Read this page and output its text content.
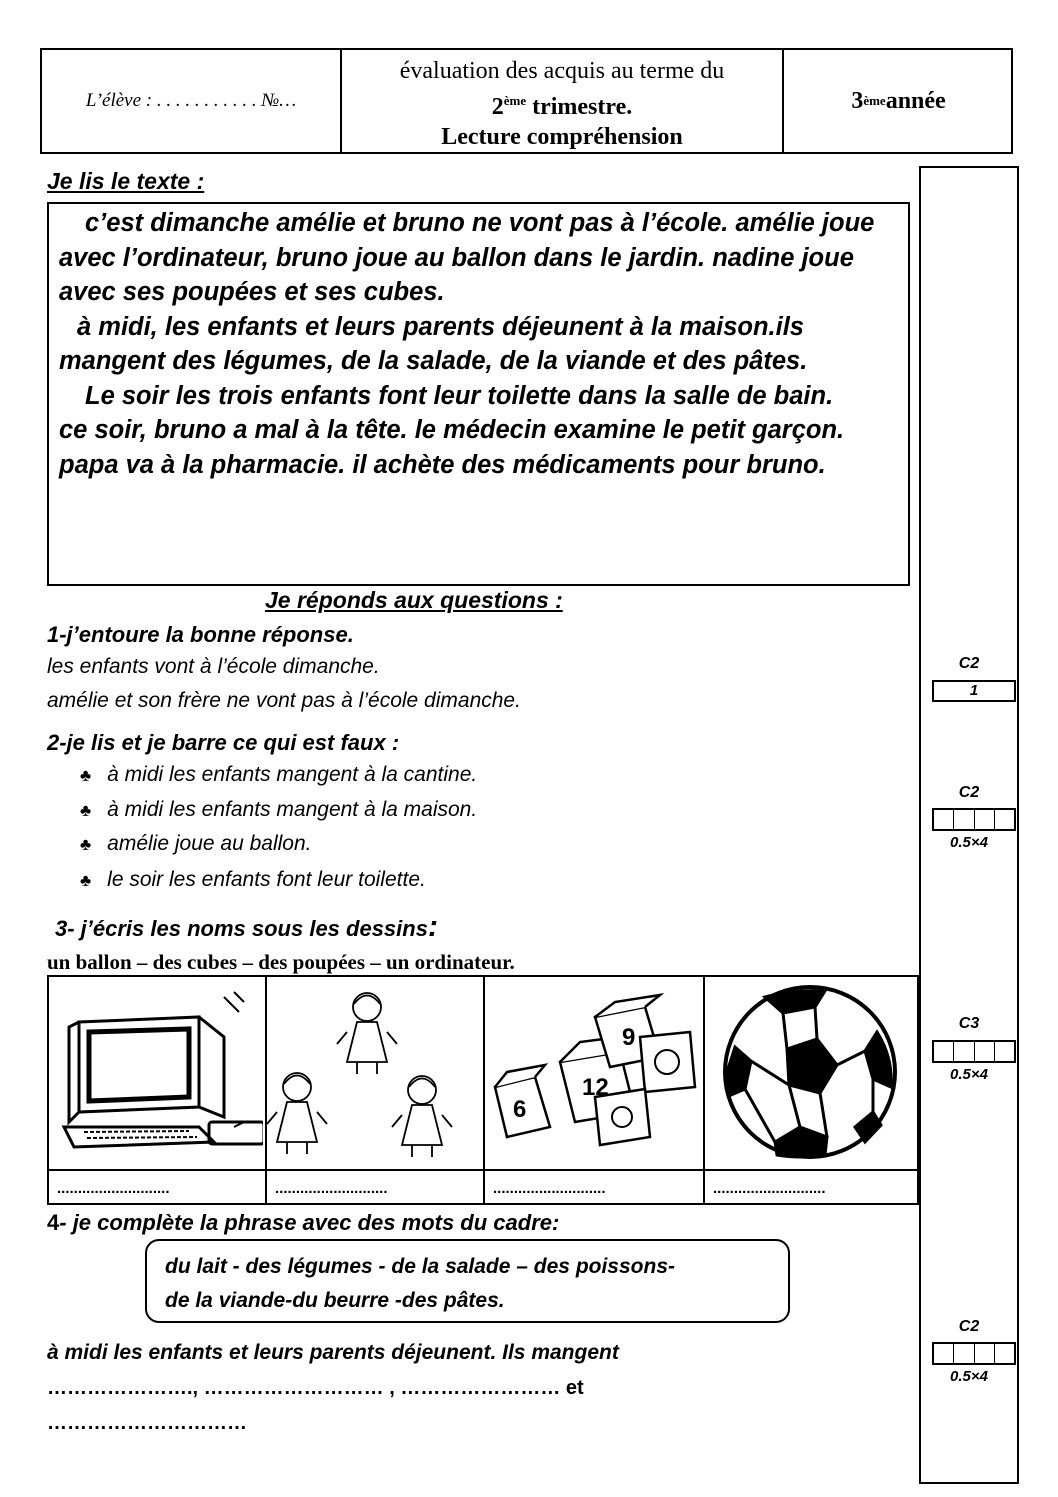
L’élève : . . . . . . . . . . . №…
évaluation des acquis au terme du
2ème trimestre.
Lecture compréhension
3 ème année
C2
1
C2
0.5×4
C3
0.5×4
C2
0.5×4
Je lis le texte :

c’est dimanche amélie et bruno ne vont pas à l’école. amélie joue avec l’ordinateur, bruno joue au ballon dans le jardin. nadine joue avec ses poupées et ses cubes.

à midi, les enfants et leurs parents déjeunent à la maison.ils mangent des légumes, de la salade, de la viande et des pâtes.

Le soir les trois enfants font leur toilette dans la salle de bain.

ce soir, bruno a mal à la tête. le médecin examine le petit garçon. papa va à la pharmacie. il achète des médicaments pour bruno.

Je réponds aux questions :
1-j’entoure la bonne réponse.
les enfants vont à l’école dimanche.
amélie et son frère ne vont pas à l’école dimanche.
2-je lis et je barre ce qui est faux :
♣ à midi les enfants mangent à la cantine.
♣ à midi les enfants mangent à la maison.
♣ amélie joue au ballon.
♣ le soir les enfants font leur toilette.
3- j’écris les noms sous les dessins:
un ballon – des cubes – des poupées – un ordinateur.
6
12
9
...........................	...........................	...........................	...........................
4- je complète la phrase avec des mots du cadre:
du lait - des légumes - de la salade – des poissons-
de la viande-du beurre -des pâtes.
à midi les enfants et leurs parents déjeunent. Ils mangent
…………………., ……………………… , …………………… et
…………………………
